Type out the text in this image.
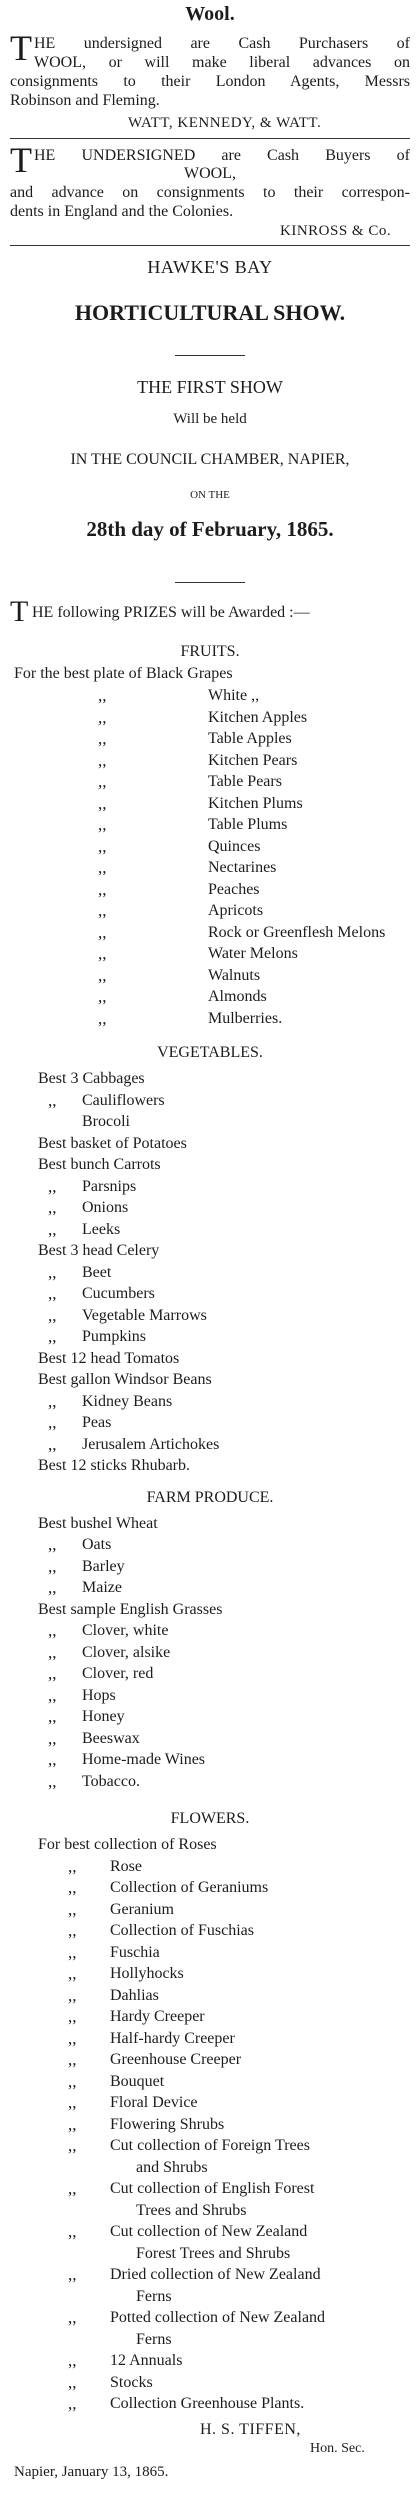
Wool.
T HE undersigned are Cash Purchasers of
WOOL, or will make liberal advances on
consignments to their London Agents, Messrs
Robinson and Fleming.
WATT, KENNEDY, & WATT.
T HE UNDERSIGNED are Cash Buyers of
WOOL,
and advance on consignments to their correspon-
dents in England and the Colonies.
KINROSS & Co.
HAWKE'S BAY
HORTICULTURAL SHOW.
THE FIRST SHOW
Will be held
IN THE COUNCIL CHAMBER, NAPIER,
ON THE
28th day of February, 1865.
T HE following PRIZES will be Awarded :—
FRUITS.
For the best plate of Black Grapes
,,	White ,,
,,	Kitchen Apples
,,	Table Apples
,,	Kitchen Pears
,,	Table Pears
,,	Kitchen Plums
,,	Table Plums
,,	Quinces
,,	Nectarines
,,	Peaches
,,	Apricots
,,	Rock or Greenflesh Melons
,,	Water Melons
,,	Walnuts
,,	Almonds
,,	Mulberries.
VEGETABLES.
Best 3 Cabbages
,, Cauliflowers
Brocoli
Best basket of Potatoes
Best bunch Carrots
,, Parsnips
,, Onions
,, Leeks
Best 3 head Celery
,, Beet
,, Cucumbers
,, Vegetable Marrows
,, Pumpkins
Best 12 head Tomatos
Best gallon Windsor Beans
,, Kidney Beans
,, Peas
,, Jerusalem Artichokes
Best 12 sticks Rhubarb.
FARM PRODUCE.
Best bushel Wheat
,, Oats
,, Barley
,, Maize
Best sample English Grasses
,, Clover, white
,, Clover, alsike
,, Clover, red
,, Hops
,, Honey
,, Beeswax
,, Home-made Wines
,, Tobacco.
FLOWERS.
For best collection of Roses
,, Rose
,, Collection of Geraniums
,, Geranium
,, Collection of Fuschias
,, Fuschia
,, Hollyhocks
,, Dahlias
,, Hardy Creeper
,, Half-hardy Creeper
,, Greenhouse Creeper
,, Bouquet
,, Floral Device
,, Flowering Shrubs
,, Cut collection of Foreign Trees
and Shrubs
,, Cut collection of English Forest
Trees and Shrubs
,, Cut collection of New Zealand
Forest Trees and Shrubs
,, Dried collection of New Zealand
Ferns
,, Potted collection of New Zealand
Ferns
,, 12 Annuals
,, Stocks
,, Collection Greenhouse Plants.
H. S. TIFFEN,
Hon. Sec.
Napier, January 13, 1865.
